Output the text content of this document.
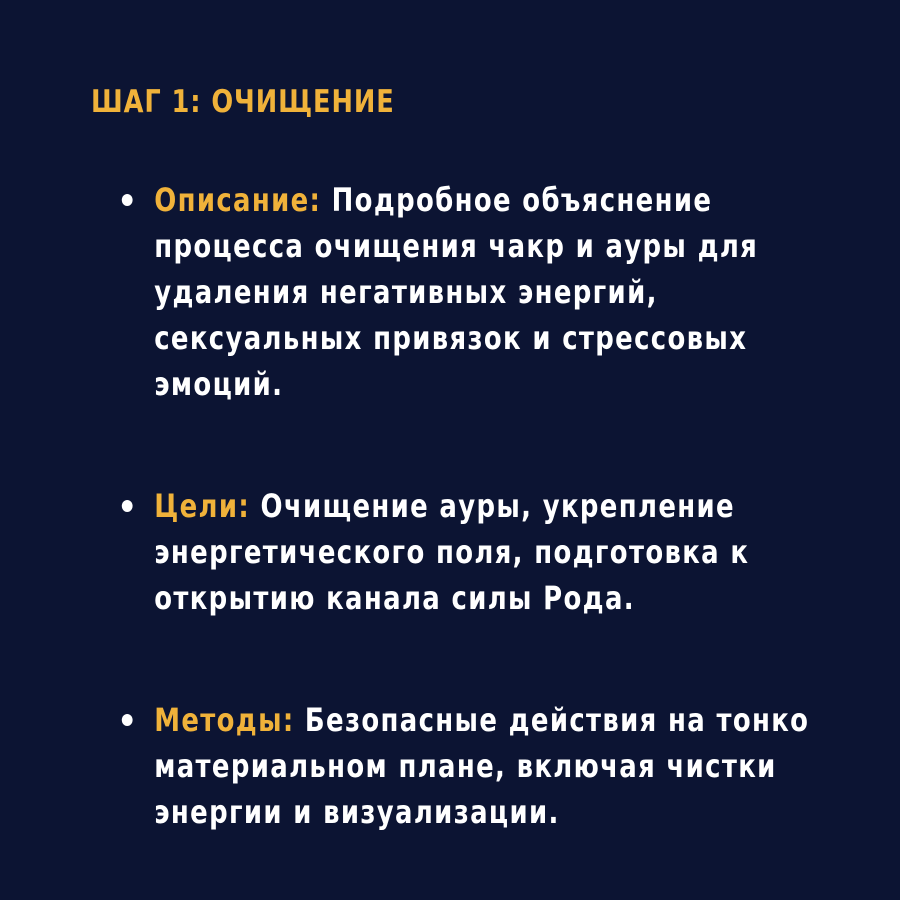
ШАГ 1: ОЧИЩЕНИЕ
Описание: Подробное объяснение процесса очищения чакр и ауры для удаления негативных энергий, сексуальных привязок и стрессовых эмоций.
Цели: Очищение ауры, укрепление энергетического поля, подготовка к открытию канала силы Рода.
Методы: Безопасные действия на тонко материальном плане, включая чистки энергии и визуализации.
